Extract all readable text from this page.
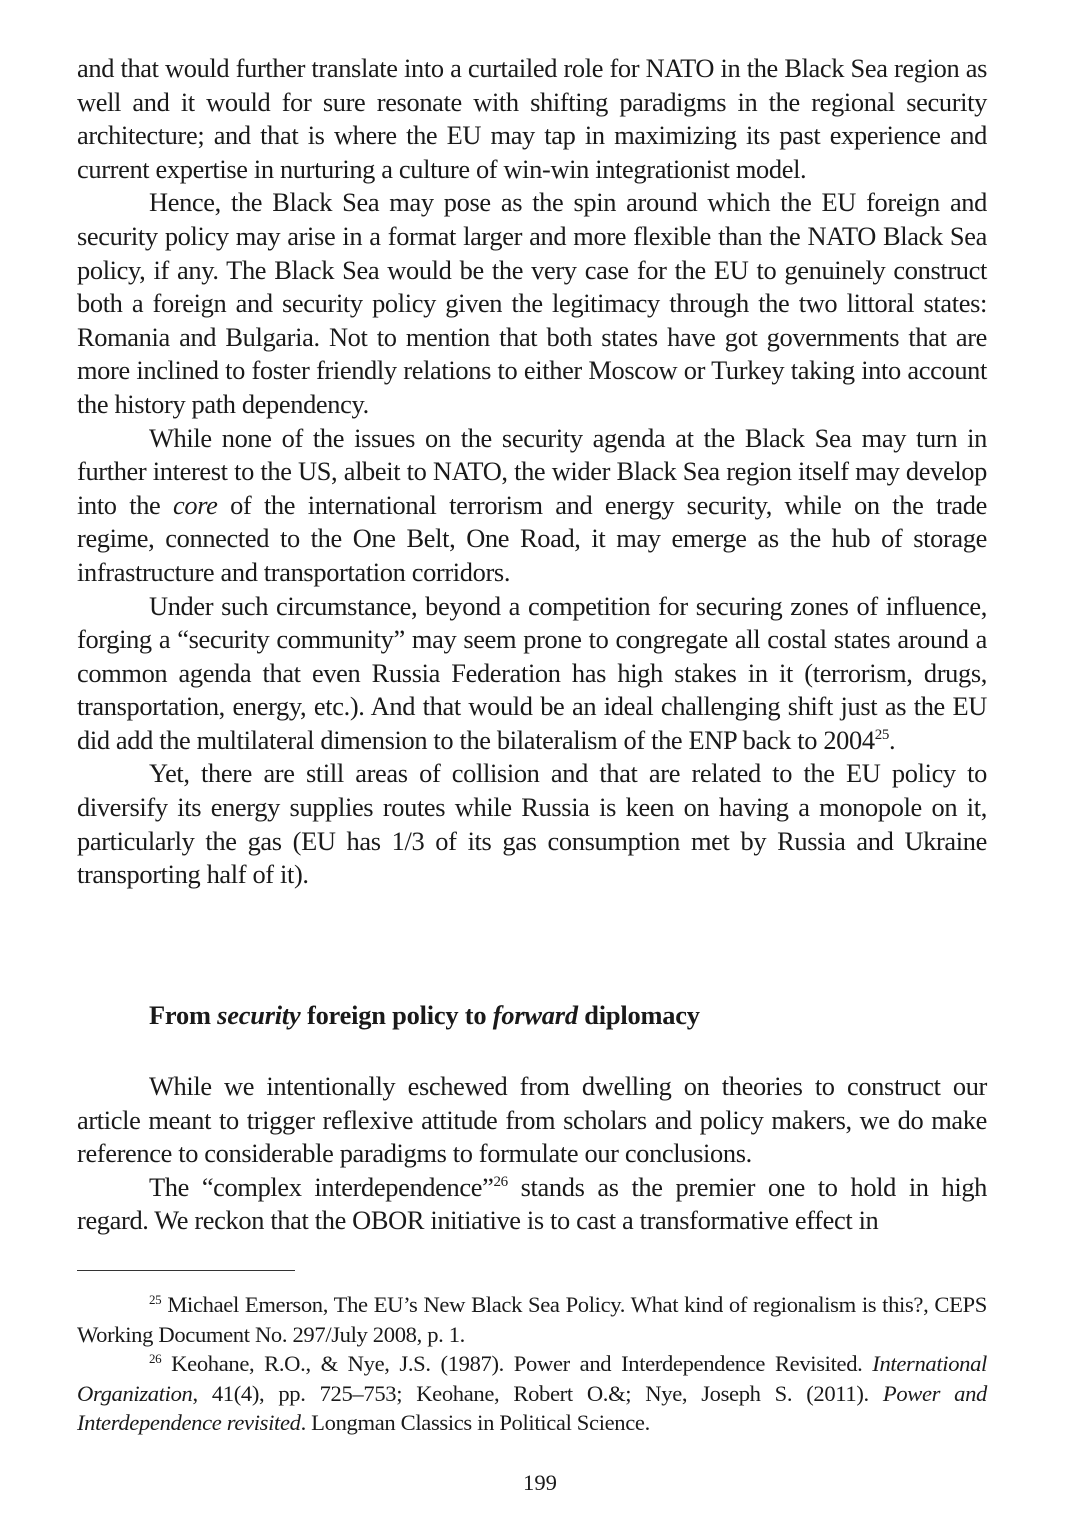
and that would further translate into a curtailed role for NATO in the Black Sea region as well and it would for sure resonate with shifting paradigms in the regional security architecture; and that is where the EU may tap in maximizing its past experience and current expertise in nurturing a culture of win-win integrationist model.

Hence, the Black Sea may pose as the spin around which the EU foreign and security policy may arise in a format larger and more flexible than the NATO Black Sea policy, if any. The Black Sea would be the very case for the EU to genuinely construct both a foreign and security policy given the legitimacy through the two littoral states: Romania and Bulgaria. Not to mention that both states have got governments that are more inclined to foster friendly relations to either Moscow or Turkey taking into account the history path dependency.

While none of the issues on the security agenda at the Black Sea may turn in further interest to the US, albeit to NATO, the wider Black Sea region itself may develop into the core of the international terrorism and energy security, while on the trade regime, connected to the One Belt, One Road, it may emerge as the hub of storage infrastructure and transportation corridors.

Under such circumstance, beyond a competition for securing zones of influence, forging a “security community” may seem prone to congregate all costal states around a common agenda that even Russia Federation has high stakes in it (terrorism, drugs, transportation, energy, etc.). And that would be an ideal challenging shift just as the EU did add the multilateral dimension to the bilateralism of the ENP back to 2004$^{25}$.

Yet, there are still areas of collision and that are related to the EU policy to diversify its energy supplies routes while Russia is keen on having a monopole on it, particularly the gas (EU has 1/3 of its gas consumption met by Russia and Ukraine transporting half of it).

From security foreign policy to forward diplomacy

While we intentionally eschewed from dwelling on theories to construct our article meant to trigger reflexive attitude from scholars and policy makers, we do make reference to considerable paradigms to formulate our conclusions.

The “complex interdependence”$^{26}$ stands as the premier one to hold in high regard. We reckon that the OBOR initiative is to cast a transformative effect in

$^{25}$ Michael Emerson, The EU’s New Black Sea Policy. What kind of regionalism is this?, CEPS Working Document No. 297/July 2008, p. 1.

$^{26}$ Keohane, R.O., & Nye, J.S. (1987). Power and Interdependence Revisited. International Organization, 41(4), pp. 725–753; Keohane, Robert O.&; Nye, Joseph S. (2011). Power and Interdependence revisited. Longman Classics in Political Science.

199
